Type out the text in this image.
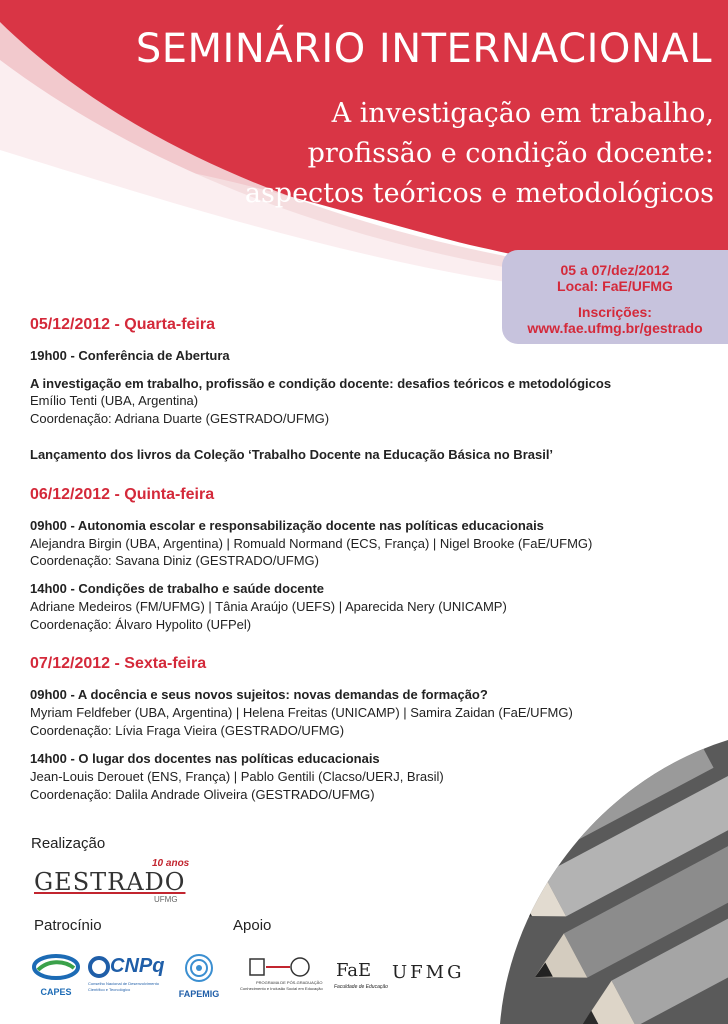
SEMINÁRIO INTERNACIONAL
A investigação em trabalho,
profissão e condição docente:
aspectos teóricos e metodológicos
05 a 07/dez/2012
Local: FaE/UFMG
Inscrições:
www.fae.ufmg.br/gestrado
05/12/2012 - Quarta-feira
19h00 - Conferência de Abertura
A investigação em trabalho, profissão e condição docente: desafios teóricos e metodológicos
Emílio Tenti (UBA, Argentina)
Coordenação: Adriana Duarte (GESTRADO/UFMG)
Lançamento dos livros da Coleção ‘Trabalho Docente na Educação Básica no Brasil’
06/12/2012 - Quinta-feira
09h00 - Autonomia escolar e responsabilização docente nas políticas educacionais
Alejandra Birgin (UBA, Argentina) | Romuald Normand (ECS, França) | Nigel Brooke (FaE/UFMG)
Coordenação: Savana Diniz (GESTRADO/UFMG)
14h00 - Condições de trabalho e saúde docente
Adriane Medeiros (FM/UFMG) | Tânia Araújo (UEFS) | Aparecida Nery (UNICAMP)
Coordenação: Álvaro Hypolito (UFPel)
07/12/2012 - Sexta-feira
09h00 - A docência e seus novos sujeitos: novas demandas de formação?
Myriam Feldfeber (UBA, Argentina) | Helena Freitas (UNICAMP) | Samira Zaidan (FaE/UFMG)
Coordenação: Lívia Fraga Vieira (GESTRADO/UFMG)
14h00 - O lugar dos docentes nas políticas educacionais
Jean-Louis Derouet (ENS, França) | Pablo Gentili (Clacso/UERJ, Brasil)
Coordenação: Dalila Andrade Oliveira (GESTRADO/UFMG)
Realização
Patrocínio	Apoio
10 anos
GESTRADO
UFMG
CAPES
CNPq
Conselho Nacional de Desenvolvimento
Científico e Tecnológico	FAPEMIG
PROGRAMA DE PÓS-GRADUAÇÃO
Conhecimento e Inclusão Social em Educação
FaE
Faculdade de Educação
UFMG
